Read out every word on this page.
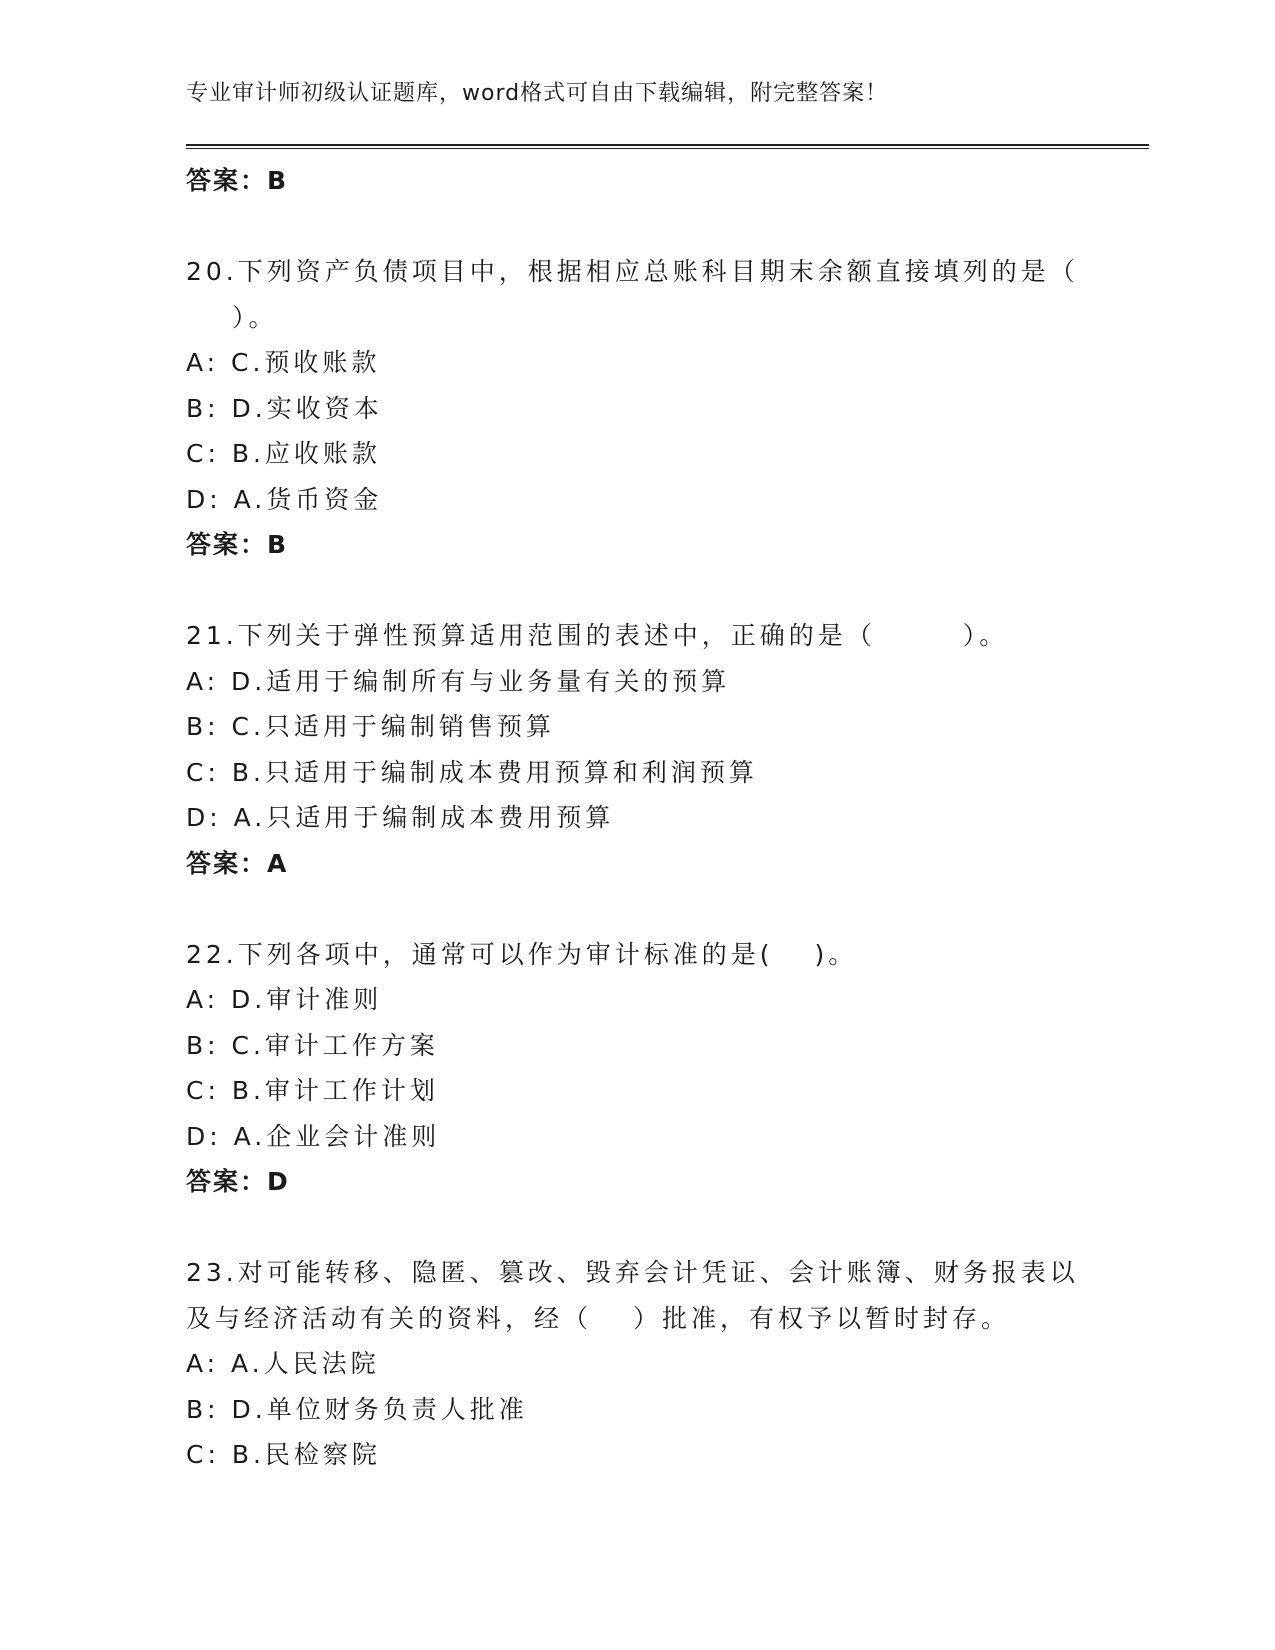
专业审计师初级认证题库，word格式可自由下载编辑，附完整答案！
答案：B
20.下列资产负债项目中，根据相应总账科目期末余额直接填列的是（
）。
A: C.预收账款
B: D.实收资本
C: B.应收账款
D: A.货币资金
答案：B
21.下列关于弹性预算适用范围的表述中，正确的是（　　　）。
A: D.适用于编制所有与业务量有关的预算
B: C.只适用于编制销售预算
C: B.只适用于编制成本费用预算和利润预算
D: A.只适用于编制成本费用预算
答案：A
22.下列各项中，通常可以作为审计标准的是(　 )。
A: D.审计准则
B: C.审计工作方案
C: B.审计工作计划
D: A.企业会计准则
答案：D
23.对可能转移、隐匿、篡改、毁弃会计凭证、会计账簿、财务报表以
及与经济活动有关的资料，经（　 ）批准，有权予以暂时封存。
A: A.人民法院
B: D.单位财务负责人批准
C: B.民检察院
